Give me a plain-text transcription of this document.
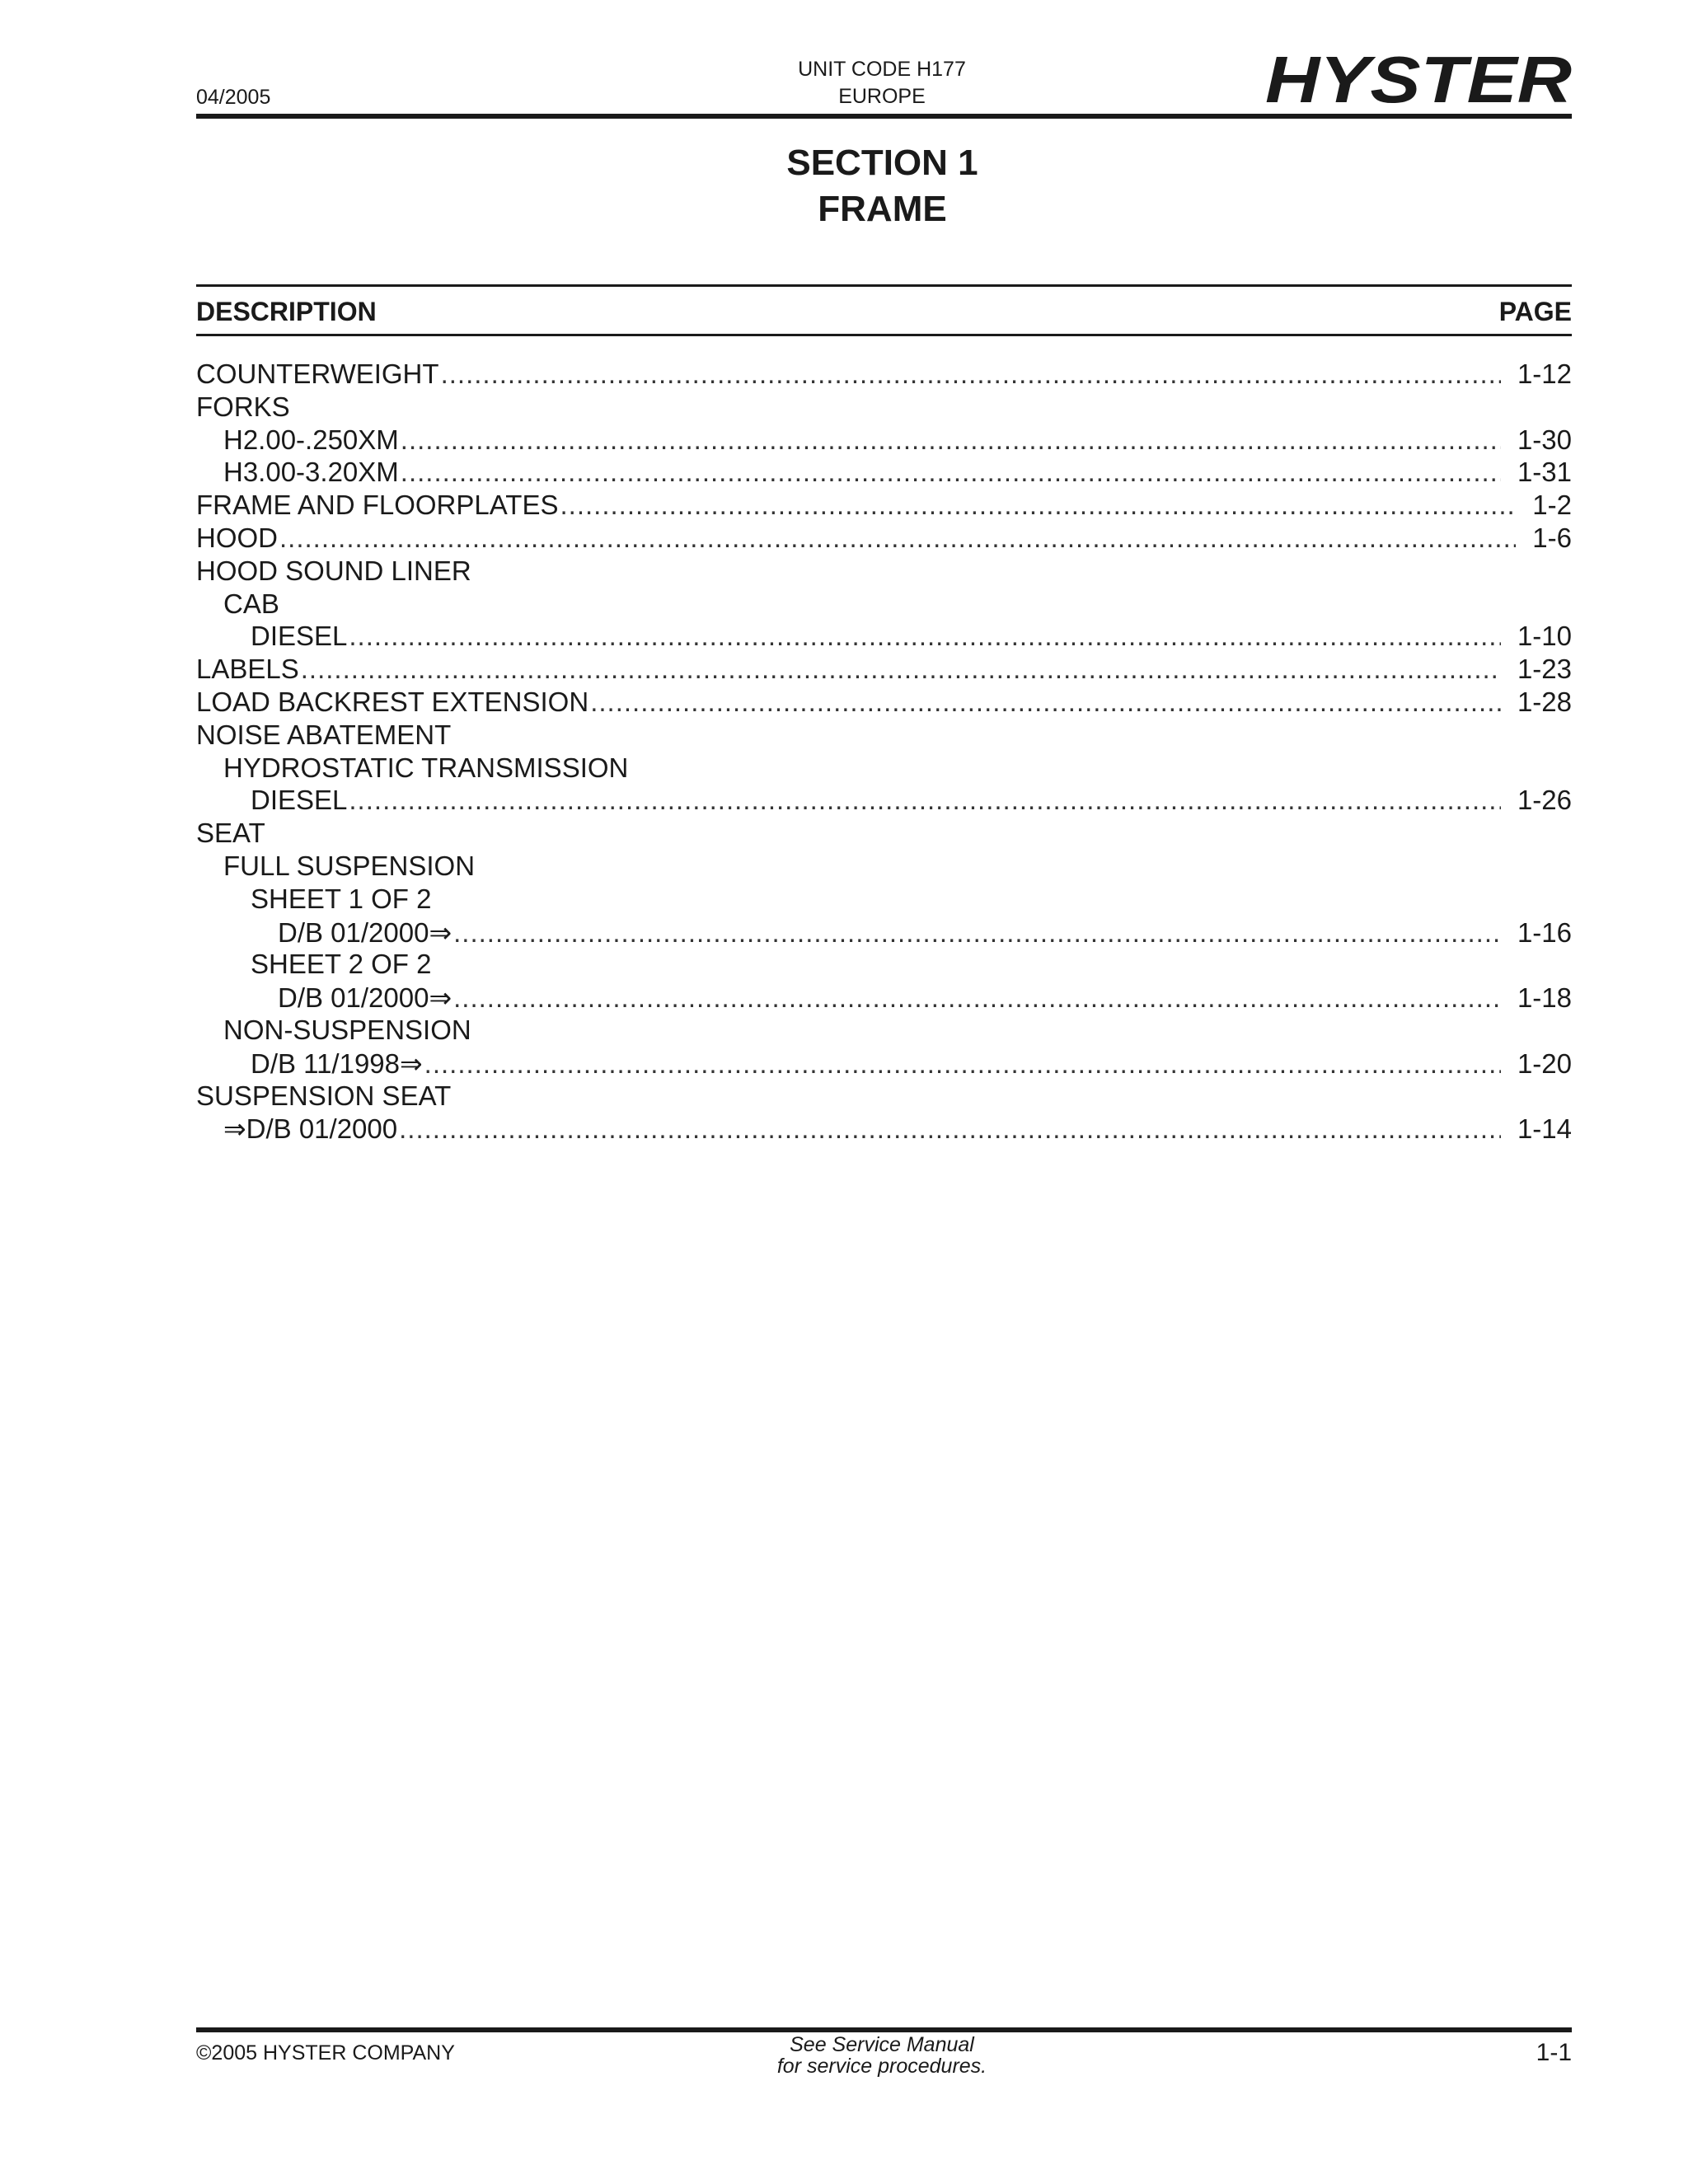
04/2005
UNIT CODE H177
EUROPE	HYSTER
SECTION 1
FRAME
DESCRIPTION	PAGE
COUNTERWEIGHT .....	1-12
FORKS
H2.00-.250XM .....	1-30
H3.00-3.20XM .....	1-31
FRAME AND FLOORPLATES .....	1-2
HOOD .....	1-6
HOOD SOUND LINER
CAB
DIESEL .....	1-10
LABELS .....	1-23
LOAD BACKREST EXTENSION .....	1-28
NOISE ABATEMENT
HYDROSTATIC TRANSMISSION
DIESEL .....	1-26
SEAT
FULL SUSPENSION
SHEET 1 OF 2
D/B 01/2000⇒ .....	1-16
SHEET 2 OF 2
D/B 01/2000⇒ .....	1-18
NON-SUSPENSION
D/B 11/1998⇒ .....	1-20
SUSPENSION SEAT
⇒D/B 01/2000 .....	1-14
©2005 HYSTER COMPANY	See Service Manual
for service procedures.	1-1
